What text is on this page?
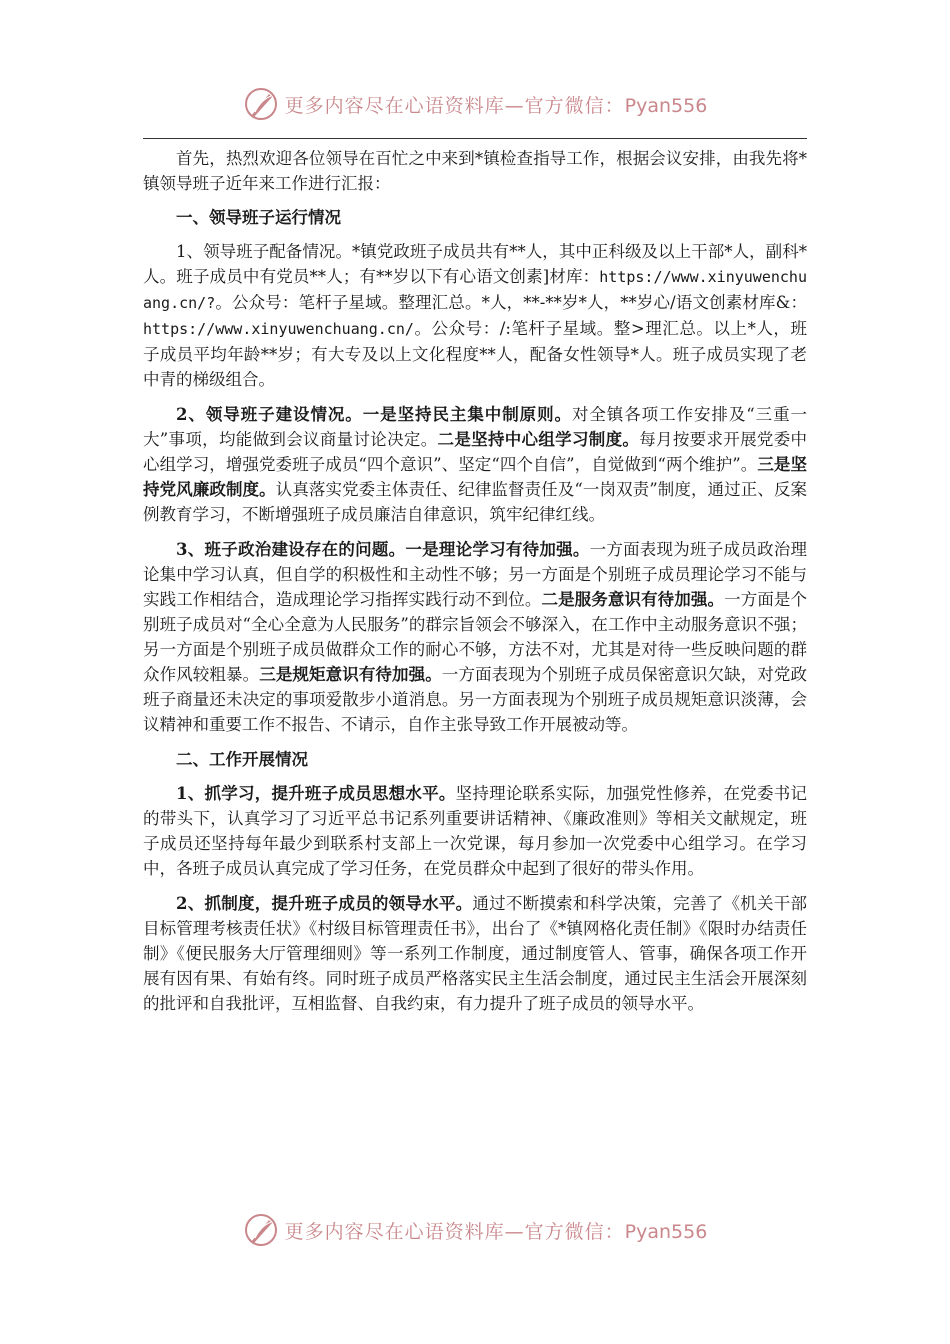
更多内容尽在心语资料库—官方微信：Pyan556

首先，热烈欢迎各位领导在百忙之中来到*镇检查指导工作，根据会议安排，由我先将*镇领导班子近年来工作进行汇报：

一、领导班子运行情况

1、领导班子配备情况。*镇党政班子成员共有**人，其中正科级及以上干部*人，副科*人。班子成员中有党员**人；有**岁以下有心语文创素]材库：https://www.xinyuwenchuang.cn/?。公众号：笔杆子星域。整理汇总。*人，**-**岁*人，**岁心/语文创素材库&：https://www.xinyuwenchuang.cn/。公众号：/:笔杆子星域。整>理汇总。以上*人，班子成员平均年龄**岁；有大专及以上文化程度**人，配备女性领导*人。班子成员实现了老中青的梯级组合。

2、领导班子建设情况。一是坚持民主集中制原则。对全镇各项工作安排及“三重一大”事项，均能做到会议商量讨论决定。二是坚持中心组学习制度。每月按要求开展党委中心组学习，增强党委班子成员“四个意识”、坚定“四个自信”，自觉做到“两个维护”。三是坚持党风廉政制度。认真落实党委主体责任、纪律监督责任及“一岗双责”制度，通过正、反案例教育学习，不断增强班子成员廉洁自律意识，筑牢纪律红线。

3、班子政治建设存在的问题。一是理论学习有待加强。一方面表现为班子成员政治理论集中学习认真，但自学的积极性和主动性不够；另一方面是个别班子成员理论学习不能与实践工作相结合，造成理论学习指挥实践行动不到位。二是服务意识有待加强。一方面是个别班子成员对“全心全意为人民服务”的群宗旨领会不够深入，在工作中主动服务意识不强；另一方面是个别班子成员做群众工作的耐心不够，方法不对，尤其是对待一些反映问题的群众作风较粗暴。三是规矩意识有待加强。一方面表现为个别班子成员保密意识欠缺，对党政班子商量还未决定的事项爱散步小道消息。另一方面表现为个别班子成员规矩意识淡薄，会议精神和重要工作不报告、不请示，自作主张导致工作开展被动等。

二、工作开展情况

1、抓学习，提升班子成员思想水平。坚持理论联系实际，加强党性修养，在党委书记的带头下，认真学习了习近平总书记系列重要讲话精神、《廉政准则》等相关文献规定，班子成员还坚持每年最少到联系村支部上一次党课，每月参加一次党委中心组学习。在学习中，各班子成员认真完成了学习任务，在党员群众中起到了很好的带头作用。

2、抓制度，提升班子成员的领导水平。通过不断摸索和科学决策，完善了《机关干部目标管理考核责任状》《村级目标管理责任书》，出台了《*镇网格化责任制》《限时办结责任制》《便民服务大厅管理细则》等一系列工作制度，通过制度管人、管事，确保各项工作开展有因有果、有始有终。同时班子成员严格落实民主生活会制度，通过民主生活会开展深刻的批评和自我批评，互相监督、自我约束，有力提升了班子成员的领导水平。

更多内容尽在心语资料库—官方微信：Pyan556
